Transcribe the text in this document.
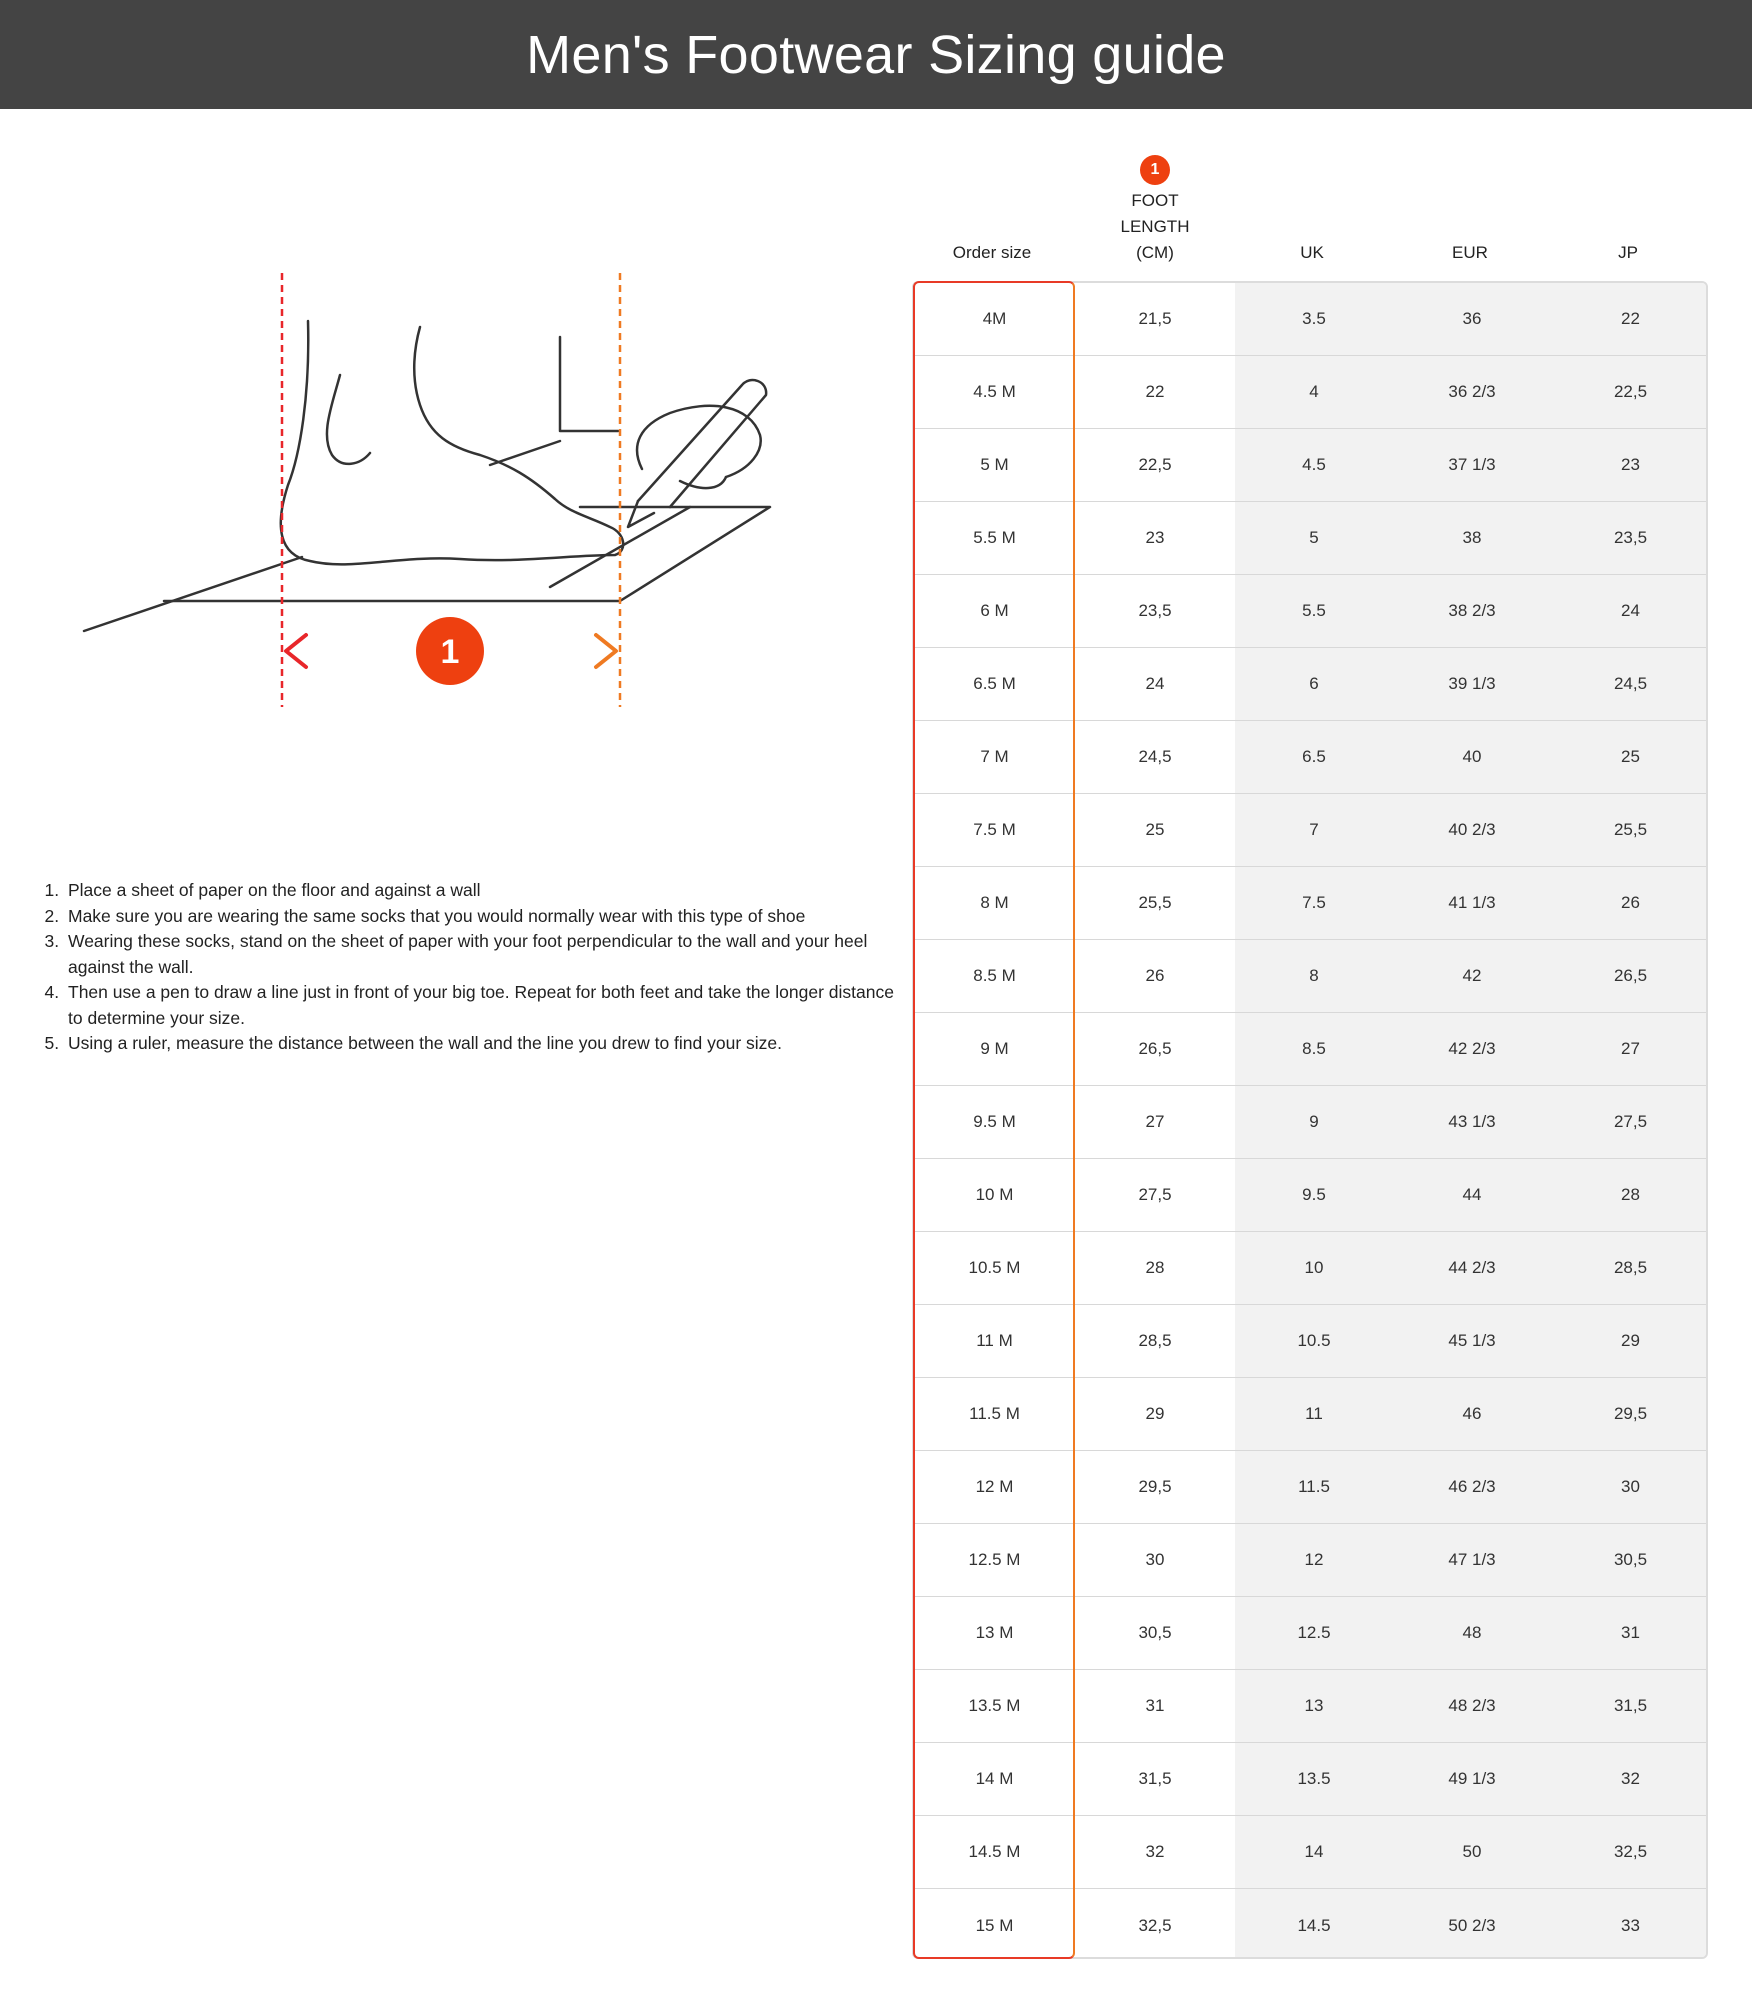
Men's Footwear Sizing guide
1
1. Place a sheet of paper on the floor and against a wall
2. Make sure you are wearing the same socks that you would normally wear with this type of shoe
3. Wearing these socks, stand on the sheet of paper with your foot perpendicular to the wall and your heel against the wall.
4. Then use a pen to draw a line just in front of your big toe. Repeat for both feet and take the longer distance to determine your size.
5. Using a ruler, measure the distance between the wall and the line you drew to find your size.
1
Order size
FOOT LENGTH (CM)	UK	EUR	JP
4M	21,5	3.5	36	22
4.5 M	22	4	36 2/3	22,5
5 M	22,5	4.5	37 1/3	23
5.5 M	23	5	38	23,5
6 M	23,5	5.5	38 2/3	24
6.5 M	24	6	39 1/3	24,5
7 M	24,5	6.5	40	25
7.5 M	25	7	40 2/3	25,5
8 M	25,5	7.5	41 1/3	26
8.5 M	26	8	42	26,5
9 M	26,5	8.5	42 2/3	27
9.5 M	27	9	43 1/3	27,5
10 M	27,5	9.5	44	28
10.5 M	28	10	44 2/3	28,5
11 M	28,5	10.5	45 1/3	29
11.5 M	29	11	46	29,5
12 M	29,5	11.5	46 2/3	30
12.5 M	30	12	47 1/3	30,5
13 M	30,5	12.5	48	31
13.5 M	31	13	48 2/3	31,5
14 M	31,5	13.5	49 1/3	32
14.5 M	32	14	50	32,5
15 M	32,5	14.5	50 2/3	33
